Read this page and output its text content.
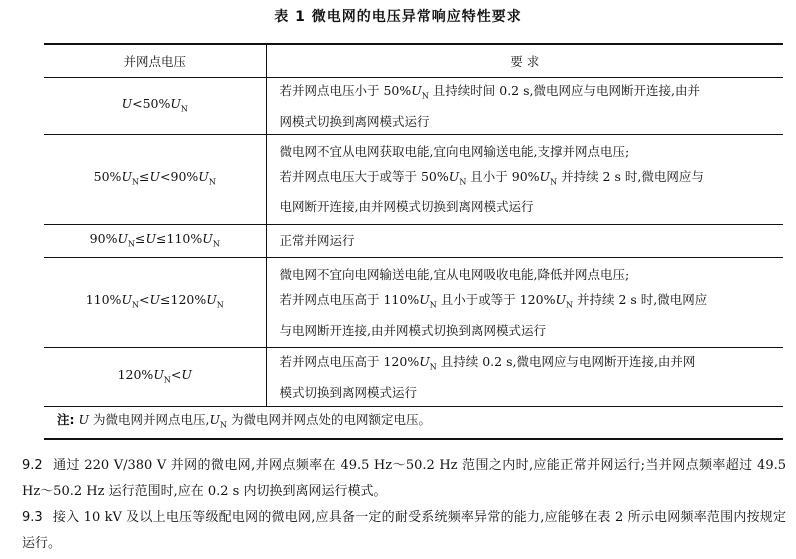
表 1 微电网的电压异常响应特性要求
并网点电压	要 求
$U<50\%U_N$	若并网点电压小于 $50\%U_N$ 且持续时间 0.2 s,微电网应与电网断开连接,由并
网模式切换到离网模式运行

$50\%U_N\le U<90\%U_N$	微电网不宜从电网获取电能,宜向电网输送电能,支撑并网点电压;
若并网点电压大于或等于 $50\%U_N$ 且小于 $90\%U_N$ 并持续 2 s 时,微电网应与
电网断开连接,由并网模式切换到离网模式运行

$90\%U_N\le U\le 110\%U_N$	正常并网运行

$110\%U_N<U\le 120\%U_N$	微电网不宜向电网输送电能,宜从电网吸收电能,降低并网点电压;
若并网点电压高于 $110\%U_N$ 且小于或等于 $120\%U_N$ 并持续 2 s 时,微电网应
与电网断开连接,由并网模式切换到离网模式运行

$120\%U_N<U$	若并网点电压高于 $120\%U_N$ 且持续 0.2 s,微电网应与电网断开连接,由并网
模式切换到离网模式运行

注: U 为微电网并网点电压$,U_N$ 为微电网并网点处的电网额定电压。	
9.2 通过 220 V/380 V 并网的微电网,并网点频率在 49.5 Hz～50.2 Hz 范围之内时,应能正常并网运行;当并网点频率超过 49.5 Hz～50.2 Hz 运行范围时,应在 0.2 s 内切换到离网运行模式。
9.3 接入 10 kV 及以上电压等级配电网的微电网,应具备一定的耐受系统频率异常的能力,应能够在表 2 所示电网频率范围内按规定运行。
